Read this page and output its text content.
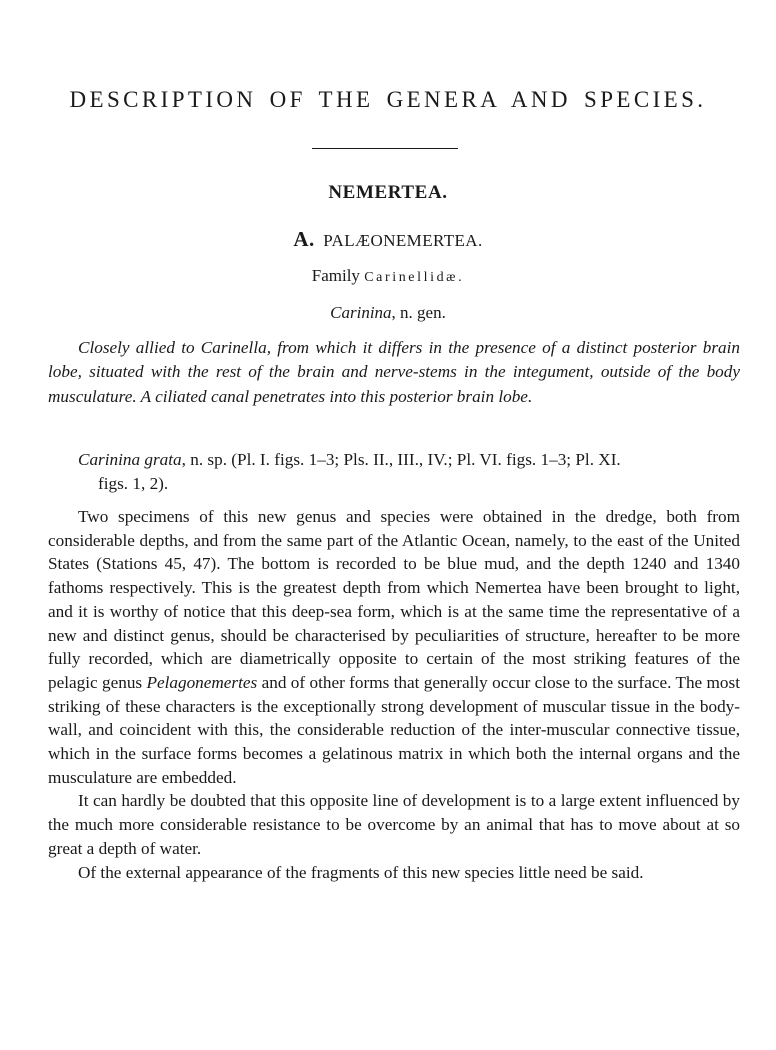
DESCRIPTION OF THE GENERA AND SPECIES.
NEMERTEA.
A. PALÆONEMERTEA.
Family Carinellidæ.
Carinina, n. gen.
Closely allied to Carinella, from which it differs in the presence of a distinct posterior brain lobe, situated with the rest of the brain and nerve-stems in the integument, outside of the body musculature. A ciliated canal penetrates into this posterior brain lobe.
Carinina grata, n. sp. (Pl. I. figs. 1–3; Pls. II., III., IV.; Pl. VI. figs. 1–3; Pl. XI.
figs. 1, 2).

Two specimens of this new genus and species were obtained in the dredge, both from considerable depths, and from the same part of the Atlantic Ocean, namely, to the east of the United States (Stations 45, 47). The bottom is recorded to be blue mud, and the depth 1240 and 1340 fathoms respectively. This is the greatest depth from which Nemertea have been brought to light, and it is worthy of notice that this deep-sea form, which is at the same time the representative of a new and distinct genus, should be characterised by peculiarities of structure, hereafter to be more fully recorded, which are diametrically opposite to certain of the most striking features of the pelagic genus Pelagonemertes and of other forms that generally occur close to the surface. The most striking of these characters is the exceptionally strong development of muscular tissue in the body-wall, and coincident with this, the considerable reduction of the inter-muscular connective tissue, which in the surface forms becomes a gelatinous matrix in which both the internal organs and the musculature are embedded.

It can hardly be doubted that this opposite line of development is to a large extent influenced by the much more considerable resistance to be overcome by an animal that has to move about at so great a depth of water.

Of the external appearance of the fragments of this new species little need be said.
